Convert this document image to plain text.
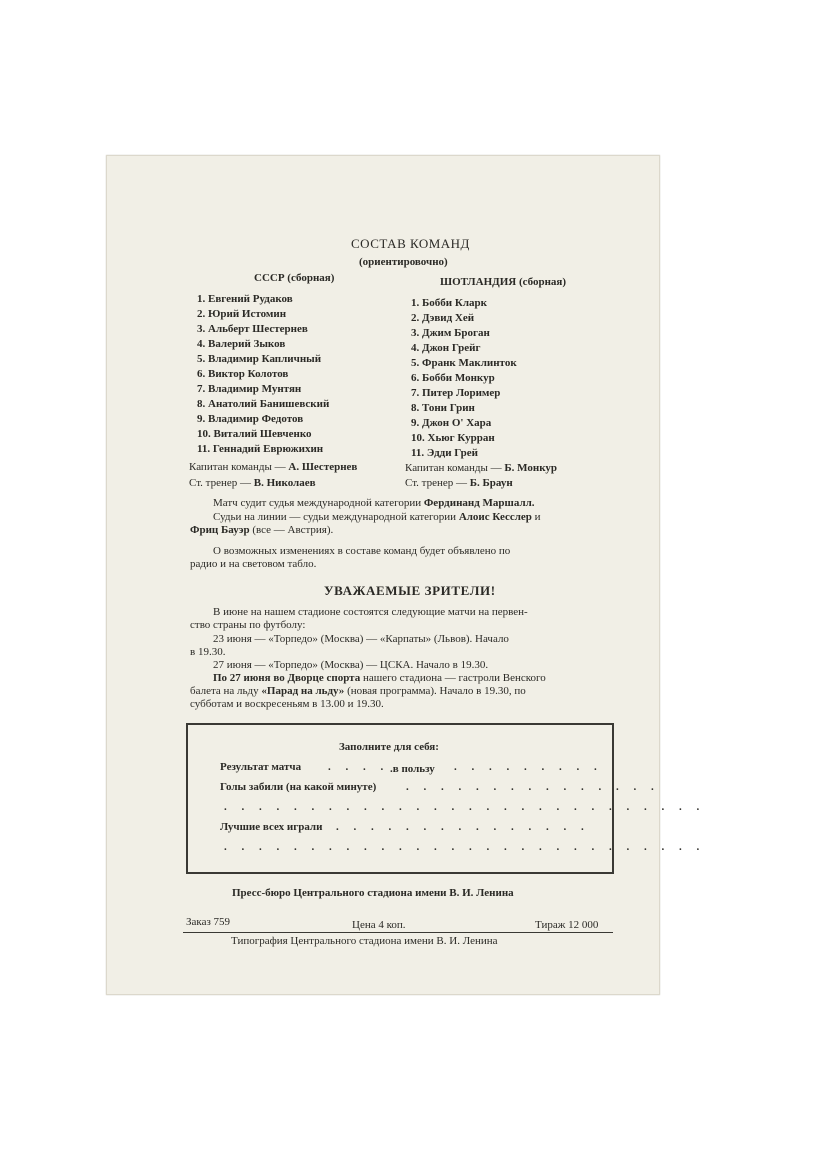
СОСТАВ КОМАНД
(ориентировочно)
СССР (сборная)
1. Евгений Рудаков
2. Юрий Истомин
3. Альберт Шестернев
4. Валерий Зыков
5. Владимир Капличный
6. Виктор Колотов
7. Владимир Мунтян
8. Анатолий Банишевский
9. Владимир Федотов
10. Виталий Шевченко
11. Геннадий Еврюжихин
Капитан команды — А. Шестернев
Ст. тренер — В. Николаев
ШОТЛАНДИЯ (сборная)
1. Бобби Кларк
2. Дэвид Хей
3. Джим Броган
4. Джон Грейг
5. Франк Маклинток
6. Бобби Монкур
7. Питер Лоример
8. Тони Грин
9. Джон О' Хара
10. Хьюг Курран
11. Эдди Грей
Капитан команды — Б. Монкур
Ст. тренер — Б. Браун
Матч судит судья международной категории Фердинанд Маршалл.
Судьи на линии — судьи международной категории Алоис Кесслер и
Фриц Бауэр (все — Австрия).
О возможных изменениях в составе команд будет объявлено по
радио и на световом табло.
УВАЖАЕМЫЕ ЗРИТЕЛИ!
В июне на нашем стадионе состоятся следующие матчи на первен-
ство страны по футболу:
23 июня — «Торпедо» (Москва) — «Карпаты» (Львов). Начало
в 19.30.
27 июня — «Торпедо» (Москва) — ЦСКА. Начало в 19.30.
По 27 июня во Дворце спорта нашего стадиона — гастроли Венского
балета на льду «Парад на льду» (новая программа). Начало в 19.30, по
субботам и воскресеньям в 13.00 и 19.30.
Заполните для себя:
Результат матча . . . . .в пользу . . . . . . . . .
Голы забили (на какой минуте)	. . . . . . . . . . . . . . .
. . . . . . . . . . . . . . . . . . . . . . . . . . . .
Лучшие всех играли . . . . . . . . . . . . . . .
. . . . . . . . . . . . . . . . . . . . . . . . . . . .
Пресс-бюро Центрального стадиона имени В. И. Ленина
Заказ 759	Цена 4 коп.	Тираж 12 000
Типография Центрального стадиона имени В. И. Ленина
